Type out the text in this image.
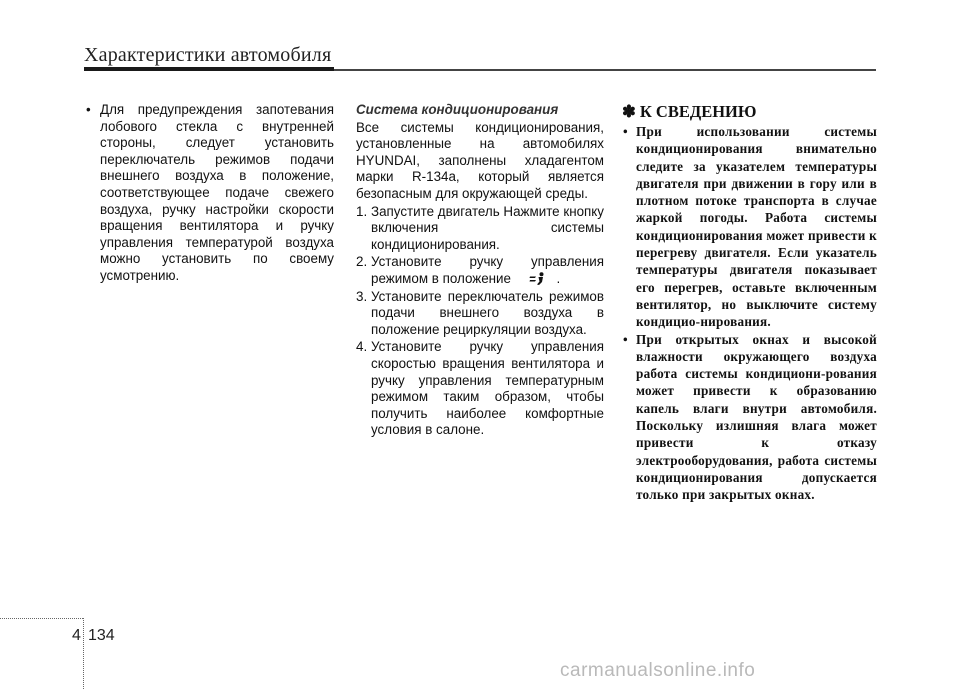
Характеристики автомобиля
• Для предупреждения запотевания лобового стекла с внутренней стороны, следует установить переключатель режимов подачи внешнего воздуха в положение, соответствующее подаче свежего воздуха, ручку настройки скорости вращения вентилятора и ручку управления температурой воздуха можно установить по своему усмотрению.
Система кондиционирования
Все системы кондиционирования, установленные на автомобилях HYUNDAI, заполнены хладагентом марки R-134a, который является безопасным для окружающей среды.
1. Запустите двигатель Нажмите кнопку включения системы кондиционирования.
2. Установите ручку управления режимом в положение	.
3. Установите переключатель режимов подачи внешнего воздуха в положение рециркуляции воздуха.
4. Установите ручку управления скоростью вращения вентилятора и ручку управления температурным режимом таким образом, чтобы получить наиболее комфортные условия в салоне.
✽ К СВЕДЕНИЮ
• При использовании системы кондиционирования внимательно следите за указателем температуры двигателя при движении в гору или в плотном потоке транспорта в случае жаркой погоды. Работа системы кондиционирования может привести к перегреву двигателя. Если указатель температуры двигателя показывает его перегрев, оставьте включенным вентилятор, но выключите систему кондицио-нирования.
• При открытых окнах и высокой влажности окружающего воздуха работа системы кондициони-рования может привести к образованию капель влаги внутри автомобиля. Поскольку излишняя влага может привести к отказу электрооборудования, работа системы кондиционирования допускается только при закрытых окнах.
4 134
carmanualsonline.info
